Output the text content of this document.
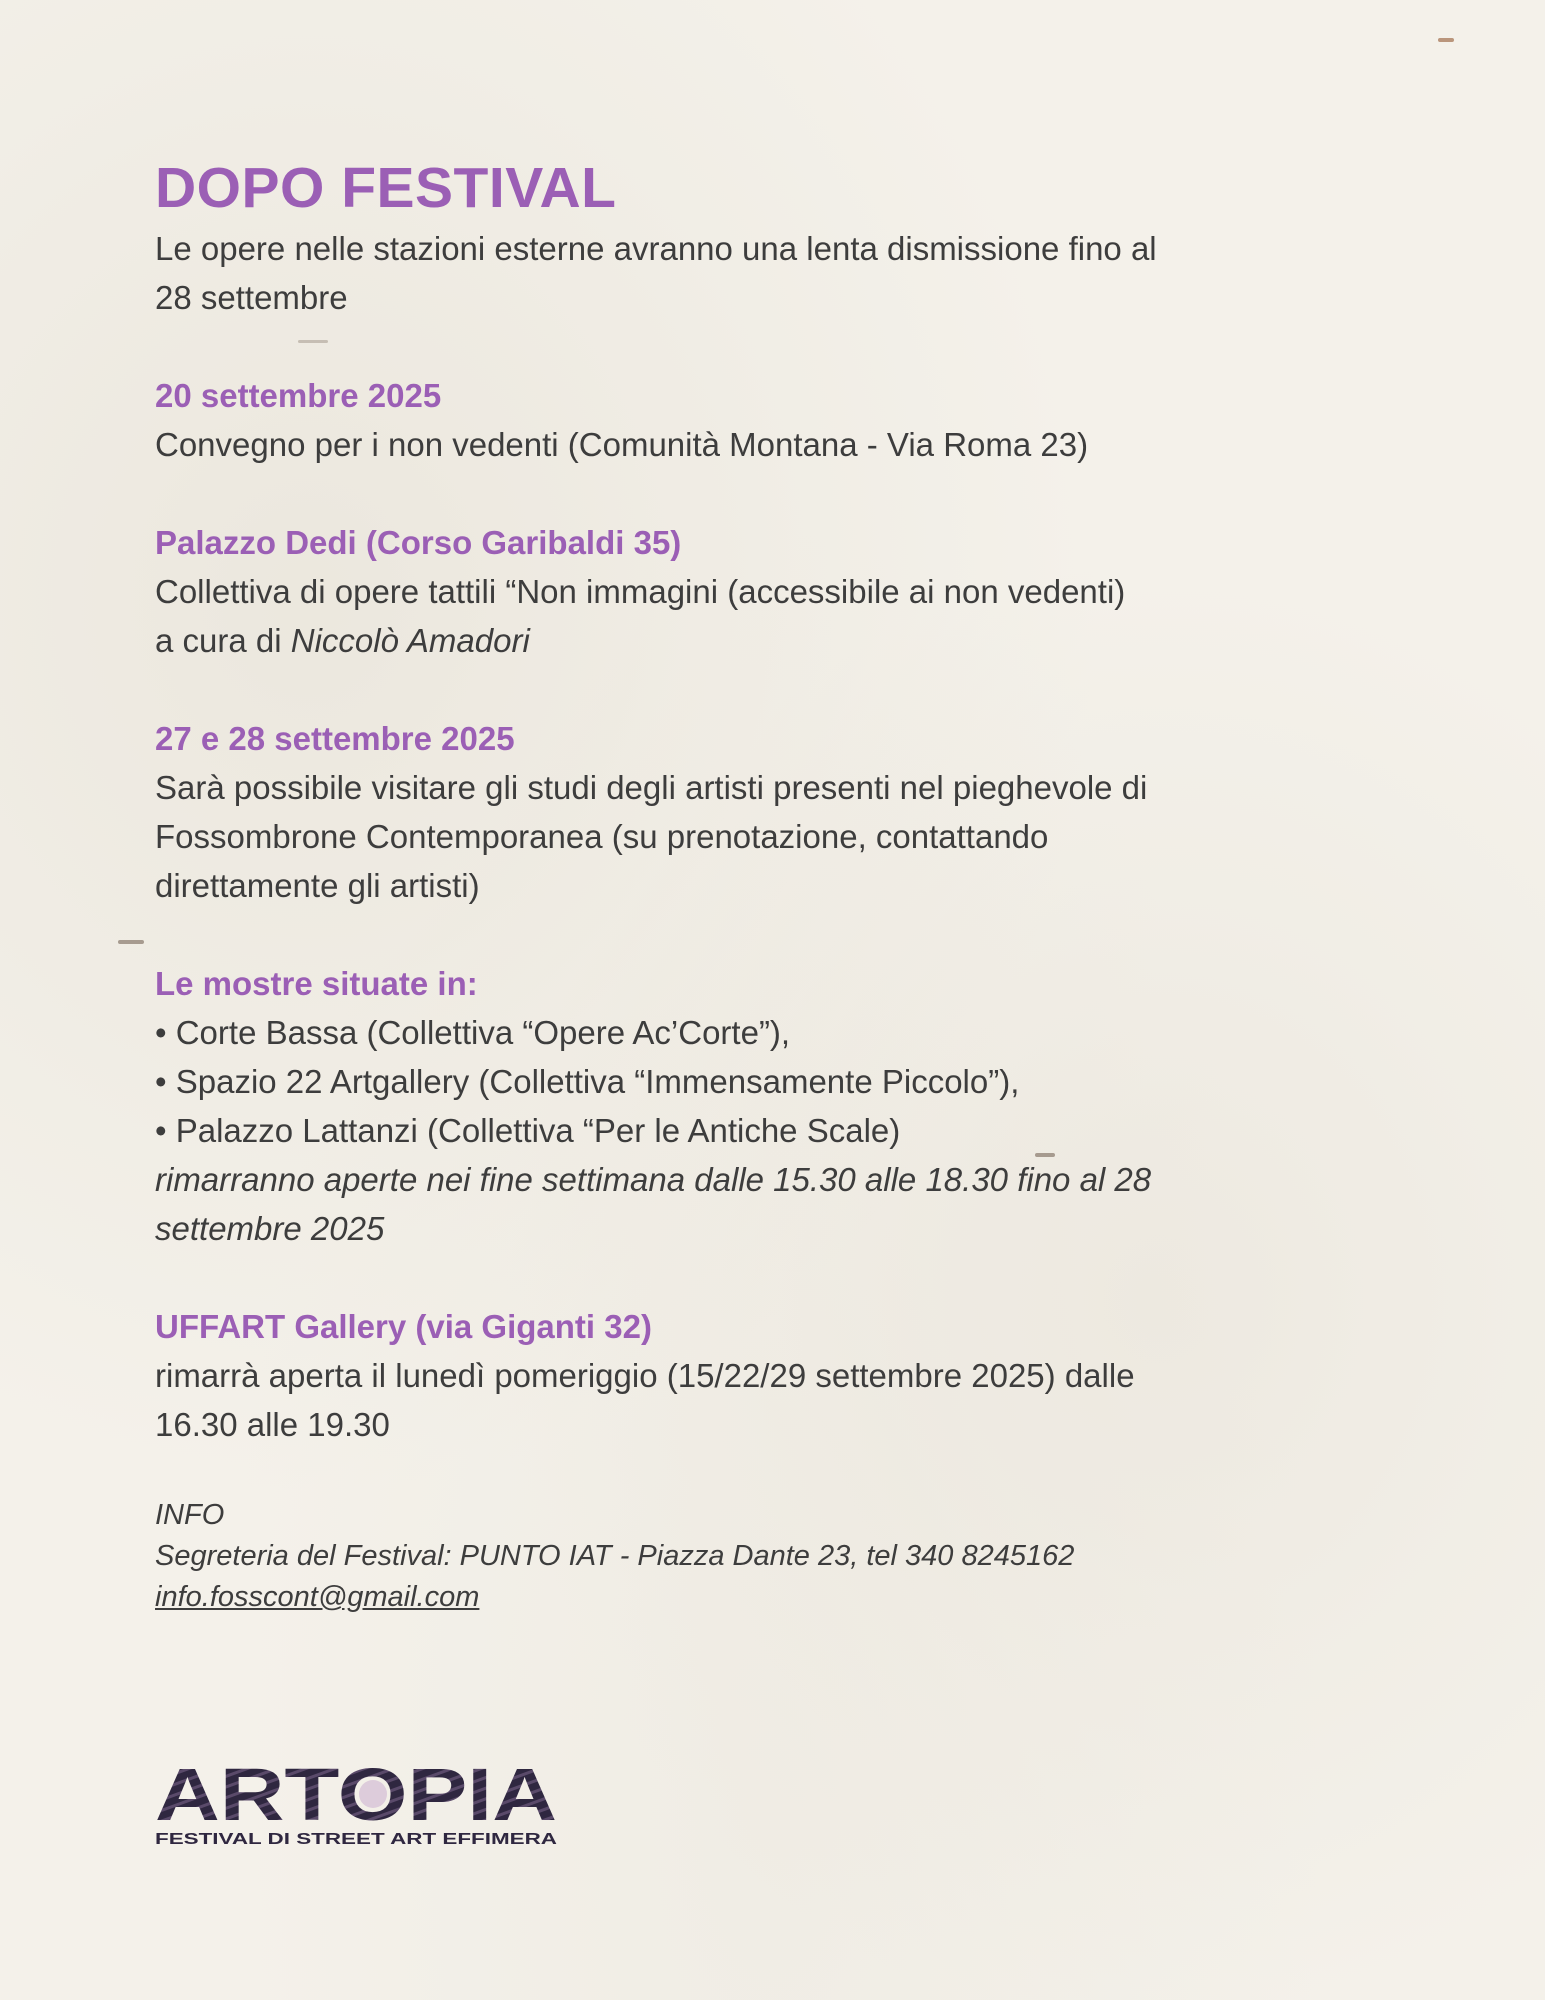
DOPO FESTIVAL

Le opere nelle stazioni esterne avranno una lenta dismissione fino al

28 settembre

20 settembre 2025

Convegno per i non vedenti (Comunità Montana - Via Roma 23)

Palazzo Dedi (Corso Garibaldi 35)

Collettiva di opere tattili “Non immagini (accessibile ai non vedenti)

a cura di Niccolò Amadori

27 e 28 settembre 2025

Sarà possibile visitare gli studi degli artisti presenti nel pieghevole di

Fossombrone Contemporanea (su prenotazione, contattando

direttamente gli artisti)

Le mostre situate in:

• Corte Bassa (Collettiva “Opere Ac’Corte”),

• Spazio 22 Artgallery (Collettiva “Immensamente Piccolo”),

• Palazzo Lattanzi (Collettiva “Per le Antiche Scale)

rimarranno aperte nei fine settimana dalle 15.30 alle 18.30 fino al 28

settembre 2025

UFFART Gallery (via Giganti 32)

rimarrà aperta il lunedì pomeriggio (15/22/29 settembre 2025) dalle

16.30 alle 19.30

INFO

Segreteria del Festival: PUNTO IAT - Piazza Dante 23, tel 340 8245162

info.fosscont@gmail.com

ARTOPIA
FESTIVAL DI STREET ART EFFIMERA
